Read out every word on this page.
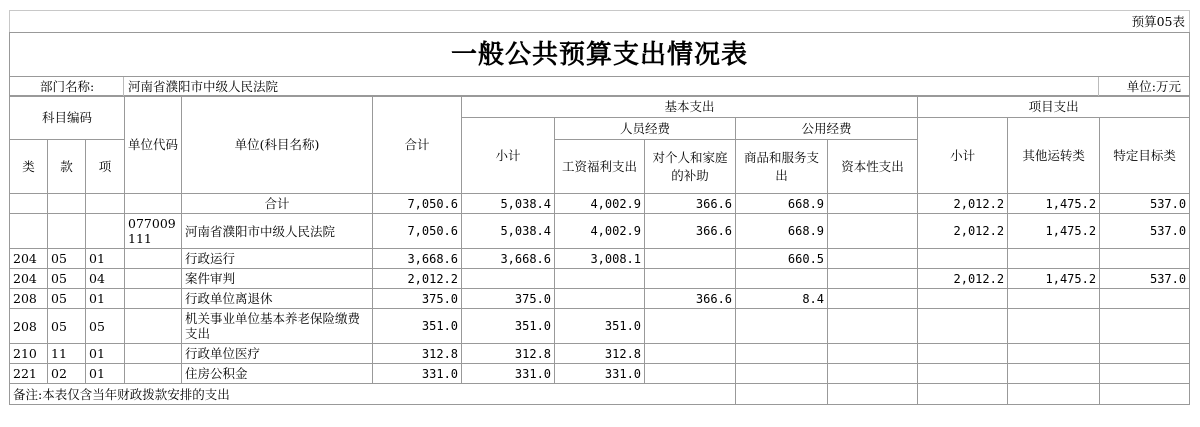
预算05表
一般公共预算支出情况表
部门名称:	河南省濮阳市中级人民法院	单位:万元
科目编码			单位代码	单位(科目名称)	合计	基本支出					项目支出		
						小计	人员经费		公用经费		小计	其他运转类	特定目标类
类	款	项					工资福利支出	对个人和家庭的补助	商品和服务支出	资本性支出			

				合计	7,050.6	5,038.4	4,002.9	366.6	668.9		2,012.2	1,475.2	537.0
			077009111	河南省濮阳市中级人民法院	7,050.6	5,038.4	4,002.9	366.6	668.9		2,012.2	1,475.2	537.0
204	05	01		行政运行	3,668.6	3,668.6	3,008.1		660.5				
204	05	04		案件审判	2,012.2						2,012.2	1,475.2	537.0
208	05	01		行政单位离退休	375.0	375.0		366.6	8.4				
208	05	05		机关事业单位基本养老保险缴费支出	351.0	351.0	351.0						
210	11	01		行政单位医疗	312.8	312.8	312.8						
221	02	01		住房公积金	331.0	331.0	331.0						
备注:本表仅含当年财政拨款安排的支出													
